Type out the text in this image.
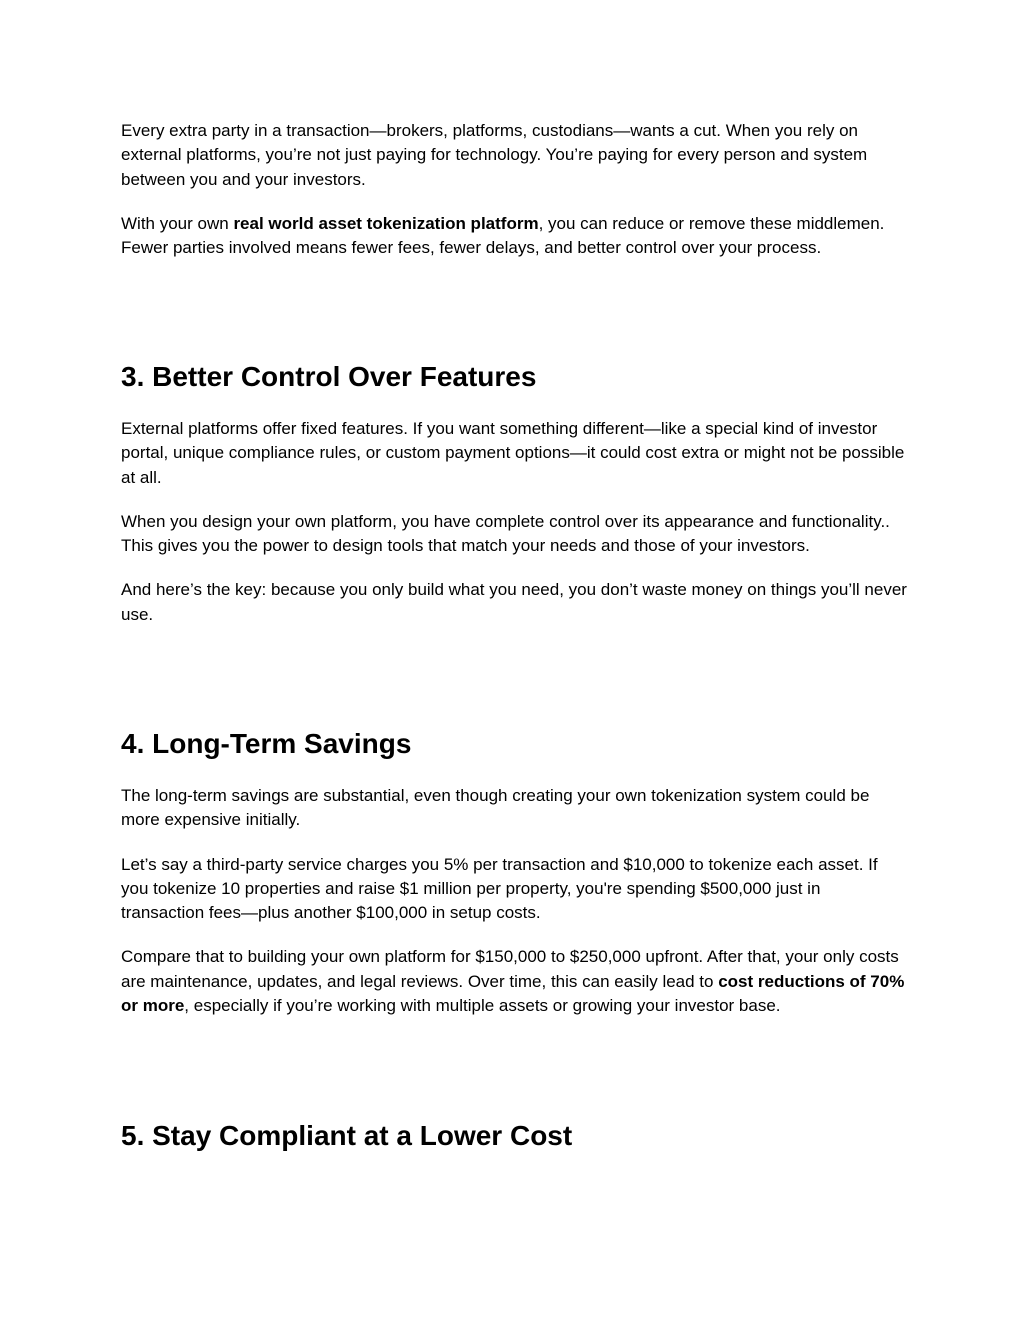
Every extra party in a transaction—brokers, platforms, custodians—wants a cut. When you rely on external platforms, you’re not just paying for technology. You’re paying for every person and system between you and your investors.

With your own real world asset tokenization platform, you can reduce or remove these middlemen. Fewer parties involved means fewer fees, fewer delays, and better control over your process.

3. Better Control Over Features

External platforms offer fixed features. If you want something different—like a special kind of investor portal, unique compliance rules, or custom payment options—it could cost extra or might not be possible at all.

When you design your own platform, you have complete control over its appearance and functionality.. This gives you the power to design tools that match your needs and those of your investors.

And here’s the key: because you only build what you need, you don’t waste money on things you’ll never use.

4. Long-Term Savings

The long-term savings are substantial, even though creating your own tokenization system could be more expensive initially.

Let’s say a third-party service charges you 5% per transaction and $10,000 to tokenize each asset. If you tokenize 10 properties and raise $1 million per property, you're spending $500,000 just in transaction fees—plus another $100,000 in setup costs.

Compare that to building your own platform for $150,000 to $250,000 upfront. After that, your only costs are maintenance, updates, and legal reviews. Over time, this can easily lead to cost reductions of 70% or more, especially if you’re working with multiple assets or growing your investor base.

5. Stay Compliant at a Lower Cost
